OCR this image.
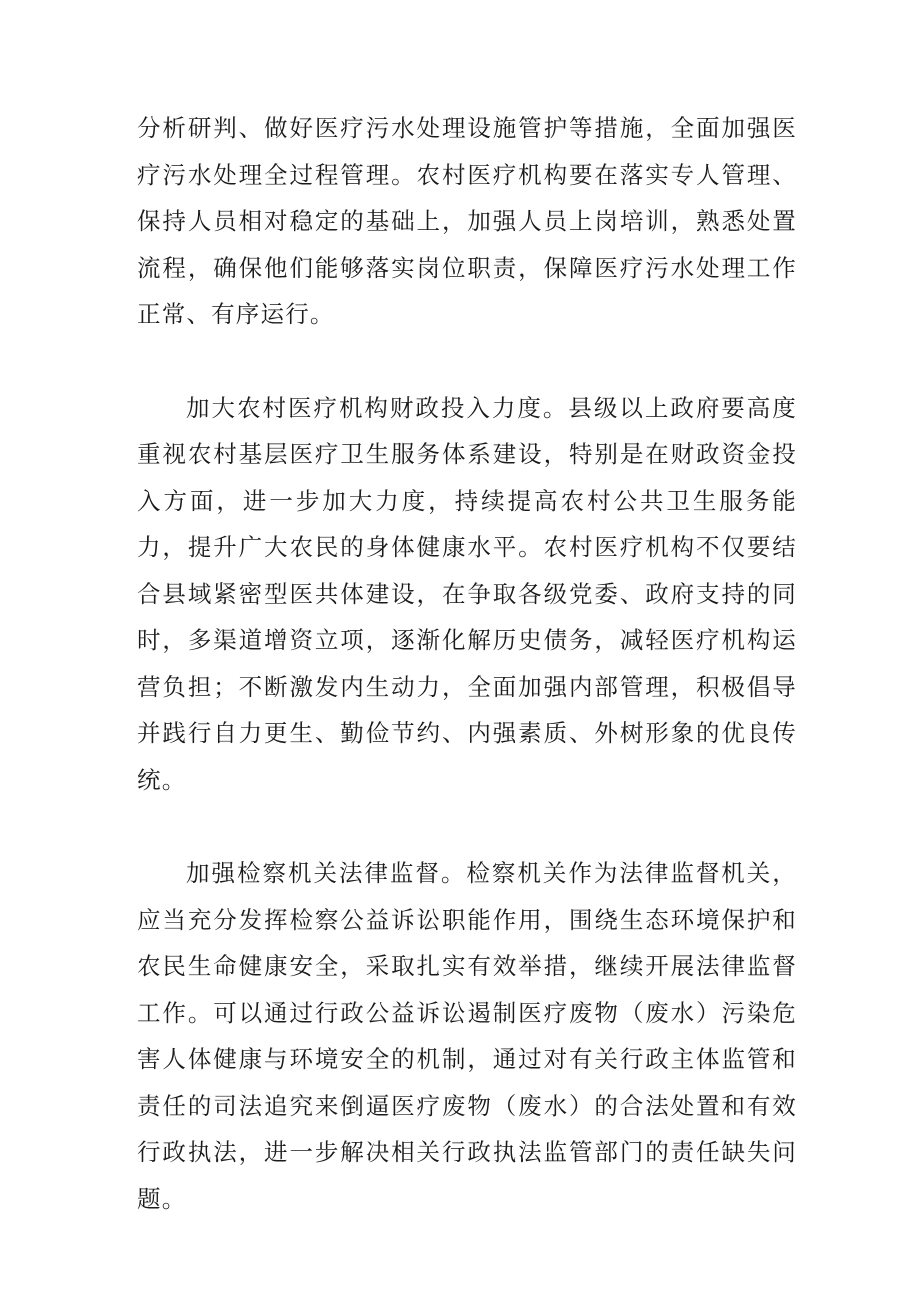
分析研判、做好医疗污水处理设施管护等措施，全面加强医疗污水处理全过程管理。农村医疗机构要在落实专人管理、保持人员相对稳定的基础上，加强人员上岗培训，熟悉处置流程，确保他们能够落实岗位职责，保障医疗污水处理工作正常、有序运行。

加大农村医疗机构财政投入力度。县级以上政府要高度重视农村基层医疗卫生服务体系建设，特别是在财政资金投入方面，进一步加大力度，持续提高农村公共卫生服务能力，提升广大农民的身体健康水平。农村医疗机构不仅要结合县域紧密型医共体建设，在争取各级党委、政府支持的同时，多渠道增资立项，逐渐化解历史债务，减轻医疗机构运营负担；不断激发内生动力，全面加强内部管理，积极倡导并践行自力更生、勤俭节约、内强素质、外树形象的优良传统。

加强检察机关法律监督。检察机关作为法律监督机关，应当充分发挥检察公益诉讼职能作用，围绕生态环境保护和农民生命健康安全，采取扎实有效举措，继续开展法律监督工作。可以通过行政公益诉讼遏制医疗废物（废水）污染危害人体健康与环境安全的机制，通过对有关行政主体监管和责任的司法追究来倒逼医疗废物（废水）的合法处置和有效行政执法，进一步解决相关行政执法监管部门的责任缺失问题。
